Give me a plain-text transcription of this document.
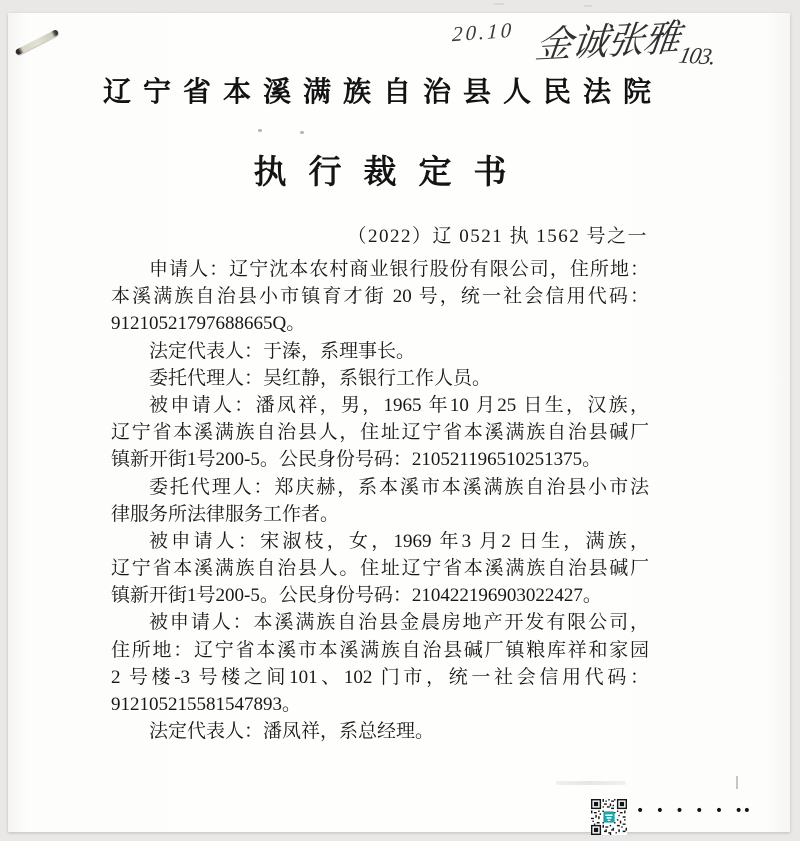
20.10 金诚张雅103.
辽宁省本溪满族自治县人民法院
执行裁定书
（2022）辽 0521 执 1562 号之一
申请人：辽宁沈本农村商业银行股份有限公司，住所地：
本溪满族自治县小市镇育才街 20 号，统一社会信用代码：
91210521797688665Q。
法定代表人：于溱，系理事长。
委托代理人：吴红静，系银行工作人员。
被申请人：潘凤祥，男，1965 年10 月25 日生，汉族，
辽宁省本溪满族自治县人，住址辽宁省本溪满族自治县碱厂
镇新开街1号200-5。公民身份号码：210521196510251375。
委托代理人：郑庆赫，系本溪市本溪满族自治县小市法
律服务所法律服务工作者。
被申请人：宋淑枝，女，1969 年3 月2 日生，满族，
辽宁省本溪满族自治县人。住址辽宁省本溪满族自治县碱厂
镇新开街1号200-5。公民身份号码：210422196903022427。
被申请人：本溪满族自治县金晨房地产开发有限公司，
住所地：辽宁省本溪市本溪满族自治县碱厂镇粮库祥和家园
2 号楼-3 号楼之间101、102 门市，统一社会信用代码：
912105215581547893。
法定代表人：潘凤祥，系总经理。
• • • • • ••
